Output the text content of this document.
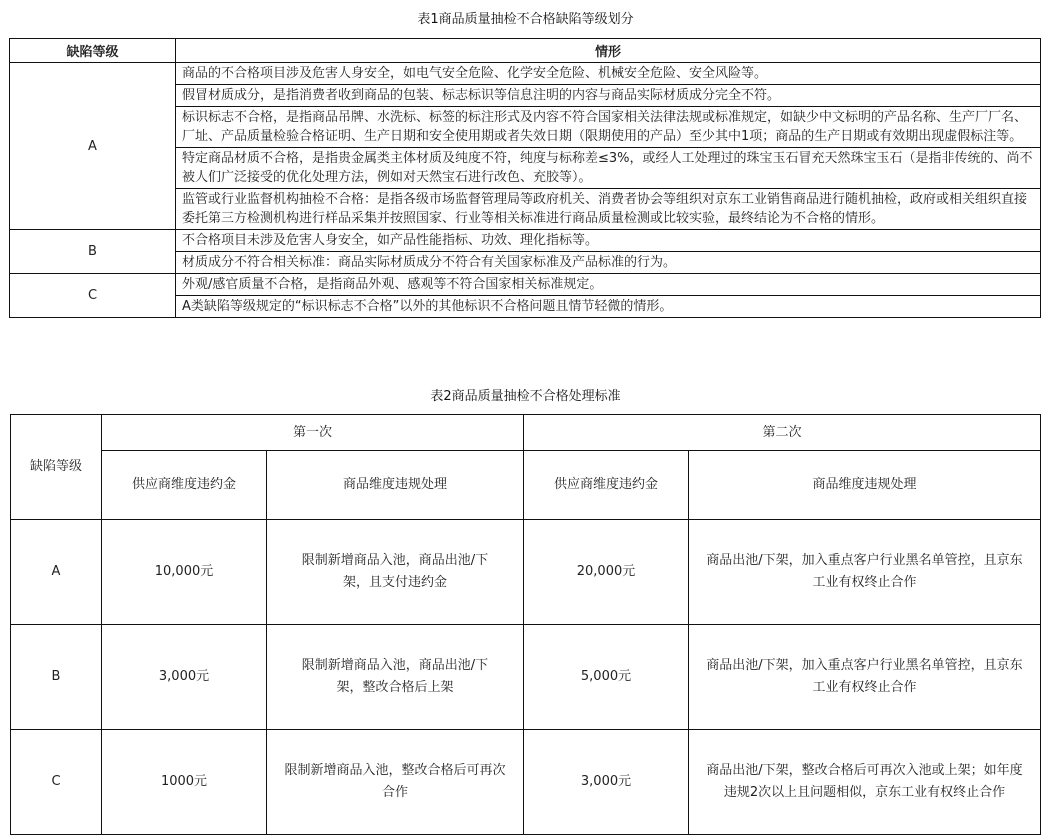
表1商品质量抽检不合格缺陷等级划分
缺陷等级	情形
A	商品的不合格项目涉及危害人身安全，如电气安全危险、化学安全危险、机械安全危险、安全风险等。
	假冒材质成分，是指消费者收到商品的包装、标志标识等信息注明的内容与商品实际材质成分完全不符。
	标识标志不合格，是指商品吊牌、水洗标、标签的标注形式及内容不符合国家相关法律法规或标准规定，如缺少中文标明的产品名称、生产厂厂名、厂址、产品质量检验合格证明、生产日期和安全使用期或者失效日期（限期使用的产品）至少其中1项；商品的生产日期或有效期出现虚假标注等。
	特定商品材质不合格，是指贵金属类主体材质及纯度不符，纯度与标称差≤3%，或经人工处理过的珠宝玉石冒充天然珠宝玉石（是指非传统的、尚不被人们广泛接受的优化处理方法，例如对天然宝石进行改色、充胶等）。
	监管或行业监督机构抽检不合格：是指各级市场监督管理局等政府机关、消费者协会等组织对京东工业销售商品进行随机抽检，政府或相关组织直接委托第三方检测机构进行样品采集并按照国家、行业等相关标准进行商品质量检测或比较实验，最终结论为不合格的情形。
B	不合格项目未涉及危害人身安全，如产品性能指标、功效、理化指标等。
	材质成分不符合相关标准：商品实际材质成分不符合有关国家标准及产品标准的行为。
C	外观/感官质量不合格，是指商品外观、感观等不符合国家相关标准规定。
	A类缺陷等级规定的“标识标志不合格”以外的其他标识不合格问题且情节轻微的情形。
表2商品质量抽检不合格处理标准
缺陷等级	第一次		第二次	
	供应商维度违约金	商品维度违规处理	供应商维度违约金	商品维度违规处理
A	10,000元	限制新增商品入池，商品出池/下架，且支付违约金	20,000元	商品出池/下架，加入重点客户行业黑名单管控，且京东工业有权终止合作
B	3,000元	限制新增商品入池，商品出池/下架，整改合格后上架	5,000元	商品出池/下架，加入重点客户行业黑名单管控，且京东工业有权终止合作
C	1000元	限制新增商品入池，整改合格后可再次合作	3,000元	商品出池/下架，整改合格后可再次入池或上架；如年度违规2次以上且问题相似，京东工业有权终止合作
